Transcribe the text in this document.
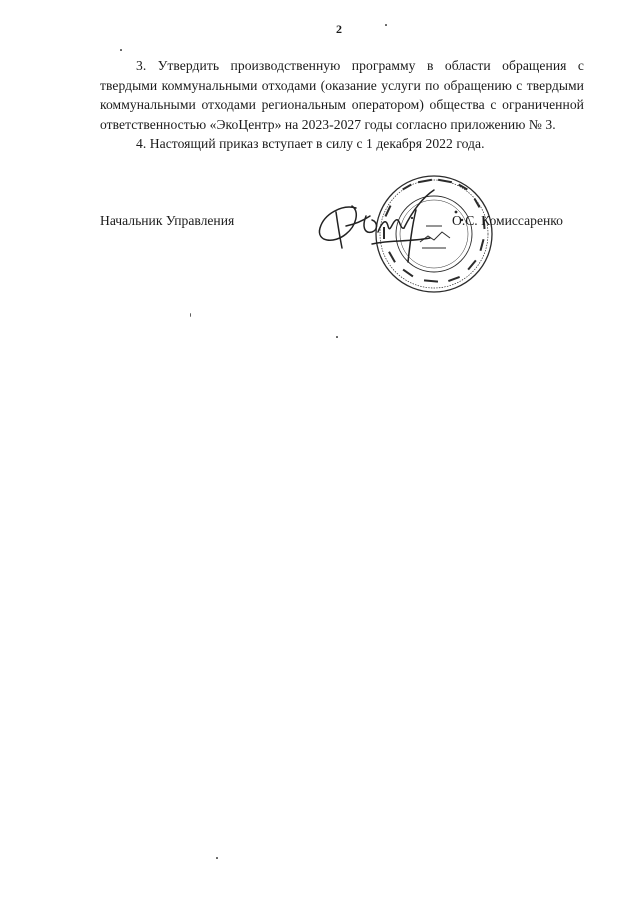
2

3. Утвердить производственную программу в области обращения с твердыми коммунальными отходами (оказание услуги по обращению с твердыми коммунальными отходами региональным оператором) общества с ограниченной ответственностью «ЭкоЦентр» на 2023-2027 годы согласно приложению № 3.

4. Настоящий приказ вступает в силу с 1 декабря 2022 года.

Начальник Управления	О.С. Комиссаренко
